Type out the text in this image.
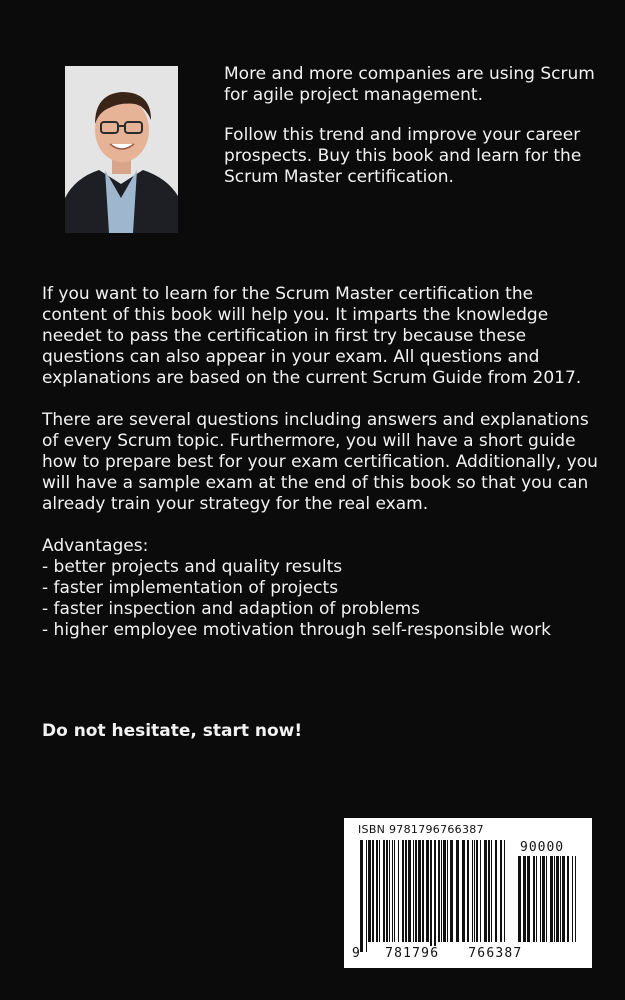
More and more companies are using Scrum for agile project management.

Follow this trend and improve your career prospects. Buy this book and learn for the Scrum Master certification.

If you want to learn for the Scrum Master certification the content of this book will help you. It imparts the knowledge needet to pass the certification in first try because these questions can also appear in your exam. All questions and explanations are based on the current Scrum Guide from 2017.

There are several questions including answers and explanations of every Scrum topic. Furthermore, you will have a short guide how to prepare best for your exam certification. Additionally, you will have a sample exam at the end of this book so that you can already train your strategy for the real exam.

Advantages:
- better projects and quality results
- faster implementation of projects
- faster inspection and adaption of problems
- higher employee motivation through self-responsible work
Do not hesitate, start now!
ISBN 9781796766387
90000
9 781796 766387
